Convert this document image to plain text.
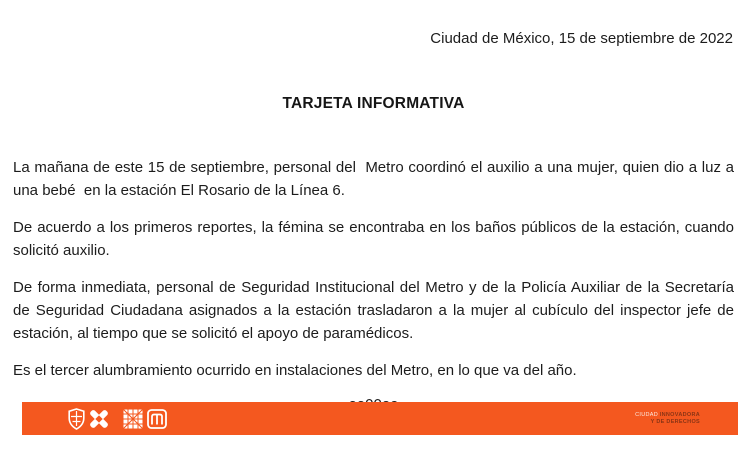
Ciudad de México, 15 de septiembre de 2022
TARJETA INFORMATIVA

La mañana de este 15 de septiembre, personal del  Metro coordinó el auxilio a una mujer, quien dio a luz a una bebé  en la estación El Rosario de la Línea 6.

De acuerdo a los primeros reportes, la fémina se encontraba en los baños públicos de la estación, cuando solicitó auxilio.

De forma inmediata, personal de Seguridad Institucional del Metro y de la Policía Auxiliar de la Secretaría de Seguridad Ciudadana asignados a la estación trasladaron a la mujer al cubículo del inspector jefe de estación, al tiempo que se solicitó el apoyo de paramédicos.

Es el tercer alumbramiento ocurrido en instalaciones del Metro, en lo que va del año.

CIUDAD INNOVADORA
Y DE DERECHOS
